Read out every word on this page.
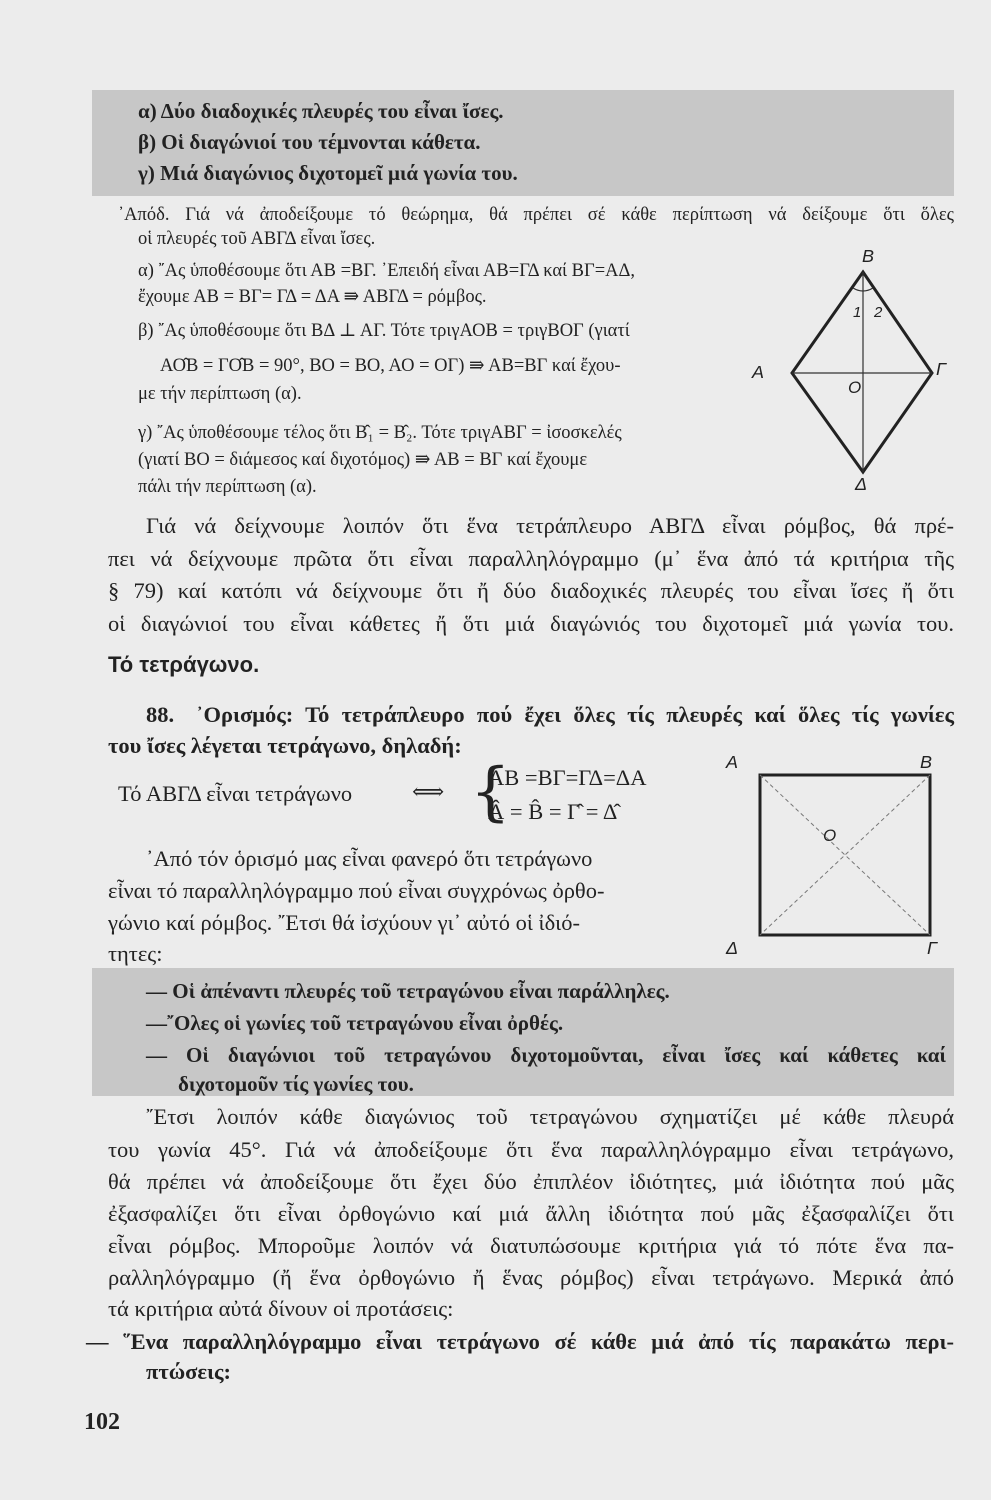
α) Δύο διαδοχικές πλευρές του εἶναι ἴσες.
β) Οἱ διαγώνιοί του τέμνονται κάθετα.
γ) Μιά διαγώνιος διχοτομεῖ μιά γωνία του.
᾽Απόδ. Γιά νά ἀποδείξουμε τό θεώρημα, θά πρέπει σέ κάθε περίπτωση νά δείξουμε ὅτι ὅλες
οἱ πλευρές τοῦ ΑΒΓΔ εἶναι ἴσες.
α) ῎Ας ὑποθέσουμε ὅτι ΑΒ =ΒΓ. ᾽Επειδή εἶναι ΑΒ=ΓΔ καί ΒΓ=ΑΔ,
ἔχουμε ΑΒ = ΒΓ= ΓΔ = ΔΑ ⇛ ΑΒΓΔ = ρόμβος.
β) ῎Ας ὑποθέσουμε ὅτι ΒΔ ⊥ ΑΓ. Τότε τριγΑΟΒ = τριγΒΟΓ (γιατί
ΑΟ̂Β = ΓΟ̂Β = 90°, ΒΟ = ΒΟ, ΑΟ = ΟΓ) ⇛ ΑΒ=ΒΓ καί ἔχου-
με τήν περίπτωση (α).
γ) ῎Ας ὑποθέσουμε τέλος ὅτι Β̂₁ = Β̂₂. Τότε τριγΑΒΓ = ἰσοσκελές
(γιατί ΒΟ = διάμεσος καί διχοτόμος) ⇛ ΑΒ = ΒΓ καί ἔχουμε
πάλι τήν περίπτωση (α).
Β
1 2
Α
Ο
Γ
Δ
Γιά νά δείχνουμε λοιπόν ὅτι ἕνα τετράπλευρο ΑΒΓΔ εἶναι ρόμβος, θά πρέ-
πει νά δείχνουμε πρῶτα ὅτι εἶναι παραλληλόγραμμο (μ᾽ ἕνα ἀπό τά κριτήρια τῆς
§ 79) καί κατόπι νά δείχνουμε ὅτι ἤ δύο διαδοχικές πλευρές του εἶναι ἴσες ἤ ὅτι
οἱ διαγώνιοί του εἶναι κάθετες ἤ ὅτι μιά διαγώνιός του διχοτομεῖ μιά γωνία του.
Τό τετράγωνο.
88. ᾽Ορισμός: Τό τετράπλευρο πού ἔχει ὅλες τίς πλευρές καί ὅλες τίς γωνίες
του ἴσες λέγεται τετράγωνο, δηλαδή:
Τό ΑΒΓΔ εἶναι τετράγωνο	⟺ {
ΑΒ =ΒΓ=ΓΔ=ΔΑ
Â = B̂ = Γ̂ = Δ̂
Α	Β
Ο
Δ	Γ
᾽Από τόν ὁρισμό μας εἶναι φανερό ὅτι τετράγωνο
εἶναι τό παραλληλόγραμμο πού εἶναι συγχρόνως ὀρθο-
γώνιο καί ρόμβος. ῎Ετσι θά ἰσχύουν γι᾽ αὐτό οἱ ἰδιό-
τητες:
— Οἱ ἀπέναντι πλευρές τοῦ τετραγώνου εἶναι παράλληλες.
—῎Ολες οἱ γωνίες τοῦ τετραγώνου εἶναι ὀρθές.
— Οἱ διαγώνιοι τοῦ τετραγώνου διχοτομοῦνται, εἶναι ἴσες καί κάθετες καί
διχοτομοῦν τίς γωνίες του.
῎Ετσι λοιπόν κάθε διαγώνιος τοῦ τετραγώνου σχηματίζει μέ κάθε πλευρά
του γωνία 45°. Γιά νά ἀποδείξουμε ὅτι ἕνα παραλληλόγραμμο εἶναι τετράγωνο,
θά πρέπει νά ἀποδείξουμε ὅτι ἔχει δύο ἐπιπλέον ἰδιότητες, μιά ἰδιότητα πού μᾶς
ἐξασφαλίζει ὅτι εἶναι ὀρθογώνιο καί μιά ἄλλη ἰδιότητα πού μᾶς ἐξασφαλίζει ὅτι
εἶναι ρόμβος. Μποροῦμε λοιπόν νά διατυπώσουμε κριτήρια γιά τό πότε ἕνα πα-
ραλληλόγραμμο (ἤ ἕνα ὀρθογώνιο ἤ ἕνας ρόμβος) εἶναι τετράγωνο. Μερικά ἀπό
τά κριτήρια αὐτά δίνουν οἱ προτάσεις:
— ῞Ενα παραλληλόγραμμο εἶναι τετράγωνο σέ κάθε μιά ἀπό τίς παρακάτω περι-
πτώσεις:
102
